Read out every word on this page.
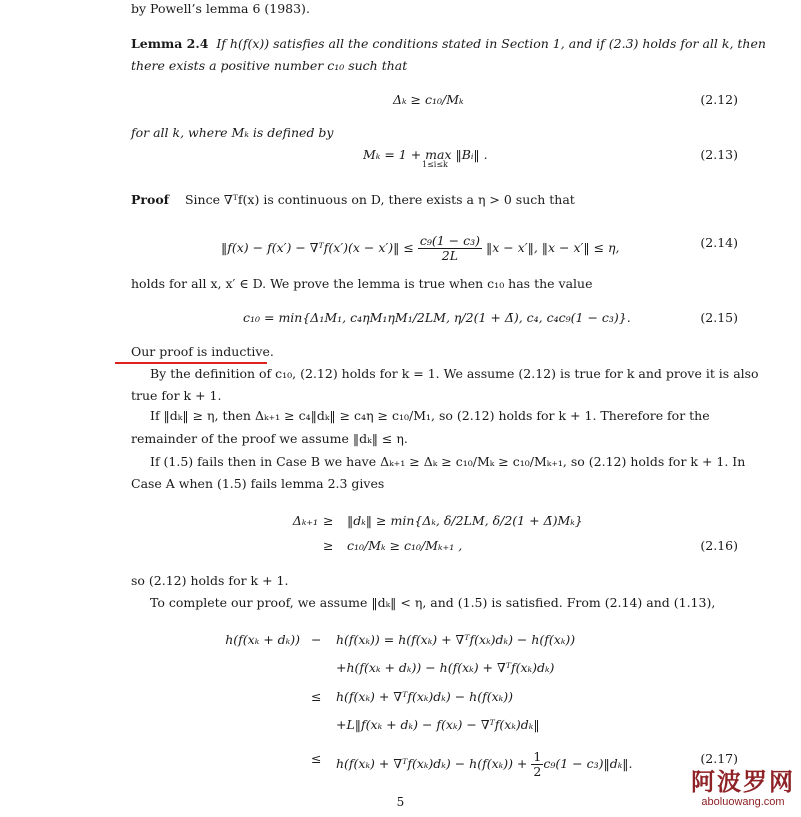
by Powell’s lemma 6 (1983).
Lemma 2.4 If h(f(x)) satisfies all the conditions stated in Section 1, and if (2.3) holds for all k, then
there exists a positive number c₁₀ such that
Δₖ ≥ c₁₀/Mₖ	(2.12)
for all k, where Mₖ is defined by
Mₖ = 1 + max ‖Bᵢ‖ .
1≤i≤k
(2.13)
Proof Since ∇ᵀf(x) is continuous on D, there exists a η > 0 such that
‖f(x) − f(x′) − ∇ᵀf(x′)(x − x′)‖ ≤ $\frac{\text{c₉(1 − c₃)}}{2L}$ ‖x − x′‖, ‖x − x′‖ ≤ η,	(2.14)
holds for all x, x′ ∈ D. We prove the lemma is true when c₁₀ has the value
c₁₀ = min{Δ₁M₁, c₄ηM₁ηM₁/2LM, η/2(1 + Δ̄), c₄, c₄c₉(1 − c₃)}.	(2.15)
Our proof is inductive.
By the definition of c₁₀, (2.12) holds for k = 1. We assume (2.12) is true for k and prove it is also
true for k + 1.
If ‖dₖ‖ ≥ η, then Δₖ₊₁ ≥ c₄‖dₖ‖ ≥ c₄η ≥ c₁₀/M₁, so (2.12) holds for k + 1. Therefore for the
remainder of the proof we assume ‖dₖ‖ ≤ η.
If (1.5) fails then in Case B we have Δₖ₊₁ ≥ Δₖ ≥ c₁₀/Mₖ ≥ c₁₀/Mₖ₊₁, so (2.12) holds for k + 1. In
Case A when (1.5) fails lemma 2.3 gives
Δₖ₊₁ ≥ ‖dₖ‖ ≥ min{Δₖ, δ/2LM, δ/2(1 + Δ̄)Mₖ}
≥ c₁₀/Mₖ ≥ c₁₀/Mₖ₊₁ ,	(2.16)
so (2.12) holds for k + 1.
To complete our proof, we assume ‖dₖ‖ < η, and (1.5) is satisfied. From (2.14) and (1.13),
h(f(xₖ + dₖ)) − h(f(xₖ)) = h(f(xₖ) + ∇ᵀf(xₖ)dₖ) − h(f(xₖ))
+h(f(xₖ + dₖ)) − h(f(xₖ) + ∇ᵀf(xₖ)dₖ)
≤ h(f(xₖ) + ∇ᵀf(xₖ)dₖ) − h(f(xₖ))
+L‖f(xₖ + dₖ) − f(xₖ) − ∇ᵀf(xₖ)dₖ‖
≤ h(f(xₖ) + ∇ᵀf(xₖ)dₖ) − $h(f(x_k)) + \frac{1}{2} c_9(1$ − c₃)‖dₖ‖.	(2.17)
5
阿波罗网
aboluowang.com
